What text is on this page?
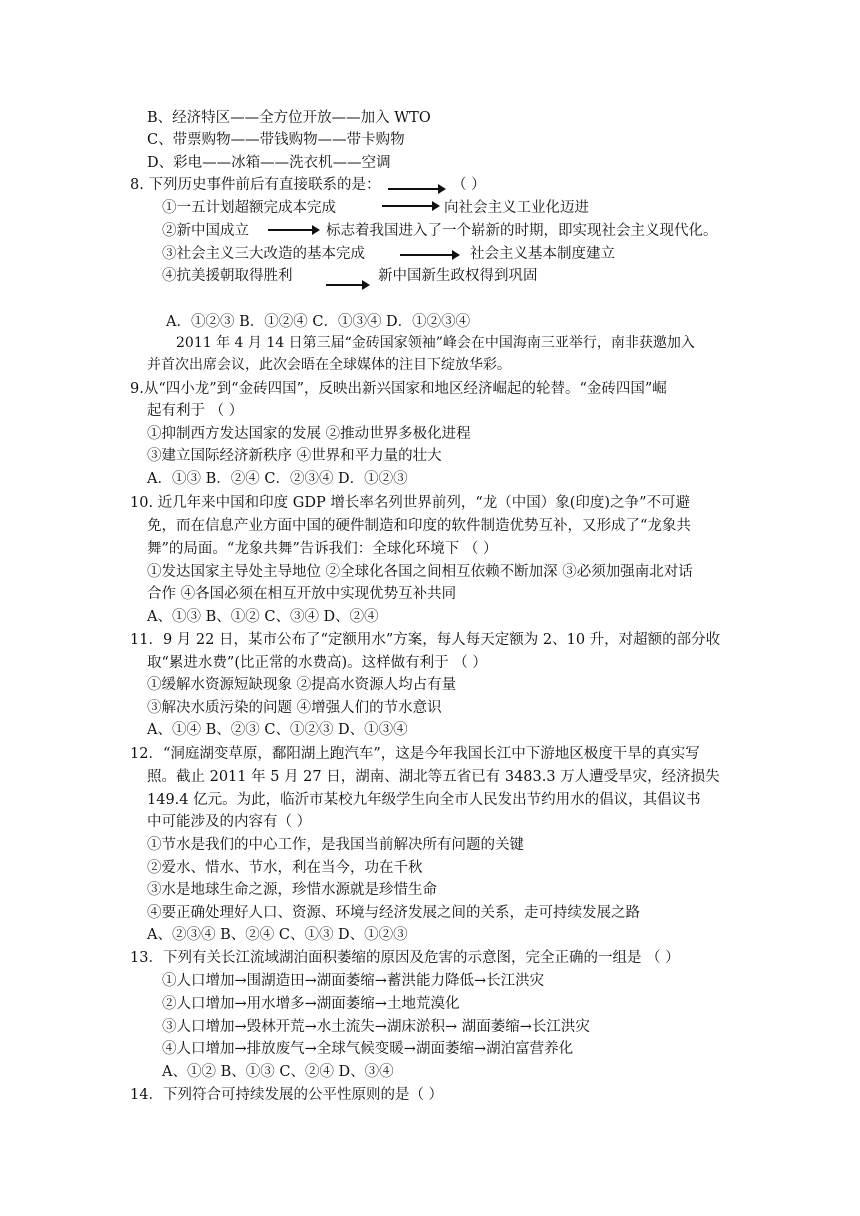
B、经济特区——全方位开放——加入 WTO
C、带票购物——带钱购物——带卡购物
D、彩电——冰箱——洗衣机——空调
8. 下列历史事件前后有直接联系的是：	（ ）
①一五计划超额完成本完成	向社会主义工业化迈进
②新中国成立	标志着我国进入了一个崭新的时期，即实现社会主义现代化。
③社会主义三大改造的基本完成	社会主义基本制度建立
④抗美援朝取得胜利	新中国新生政权得到巩固
A．①②③ B．①②④ C．①③④ D．①②③④
2011 年 4 月 14 日第三届“金砖国家领袖”峰会在中国海南三亚举行，南非获邀加入
并首次出席会议，此次会晤在全球媒体的注目下绽放华彩。
9.从“四小龙”到“金砖四国”，反映出新兴国家和地区经济崛起的轮替。“金砖四国”崛
起有利于 （ ）
①抑制西方发达国家的发展 ②推动世界多极化进程
③建立国际经济新秩序 ④世界和平力量的壮大
A．①③ B．②④ C．②③④ D．①②③
10. 近几年来中国和印度 GDP 增长率名列世界前列，“龙（中国）象(印度)之争”不可避
免，而在信息产业方面中国的硬件制造和印度的软件制造优势互补，又形成了“龙象共
舞”的局面。“龙象共舞”告诉我们：全球化环境下 （ ）
①发达国家主导处主导地位 ②全球化各国之间相互依赖不断加深 ③必须加强南北对话
合作 ④各国必须在相互开放中实现优势互补共同
A、①③ B、①② C、③④ D、②④
11．9 月 22 日，某市公布了“定额用水”方案，每人每天定额为 2、10 升，对超额的部分收
取“累进水费”(比正常的水费高)。这样做有利于 （ ）
①缓解水资源短缺现象 ②提高水资源人均占有量
③解决水质污染的问题 ④增强人们的节水意识
A、①④ B、②③ C、①②③ D、①③④
12．“洞庭湖变草原，鄱阳湖上跑汽车”，这是今年我国长江中下游地区极度干旱的真实写
照。截止 2011 年 5 月 27 日，湖南、湖北等五省已有 3483.3 万人遭受旱灾，经济损失
149.4 亿元。为此，临沂市某校九年级学生向全市人民发出节约用水的倡议，其倡议书
中可能涉及的内容有（ ）
①节水是我们的中心工作，是我国当前解决所有问题的关键
②爱水、惜水、节水，利在当今，功在千秋
③水是地球生命之源，珍惜水源就是珍惜生命
④要正确处理好人口、资源、环境与经济发展之间的关系，走可持续发展之路
A、②③④ B、②④ C、①③ D、①②③
13．下列有关长江流域湖泊面积萎缩的原因及危害的示意图，完全正确的一组是 （ ）
①人口增加→围湖造田→湖面萎缩→蓄洪能力降低→长江洪灾
②人口增加→用水增多→湖面萎缩→土地荒漠化
③人口增加→毁林开荒→水土流失→湖床淤积→ 湖面萎缩→长江洪灾
④人口增加→排放废气→全球气候变暖→湖面萎缩→湖泊富营养化
A、①② B、①③ C、②④ D、③④
14．下列符合可持续发展的公平性原则的是（ ）
